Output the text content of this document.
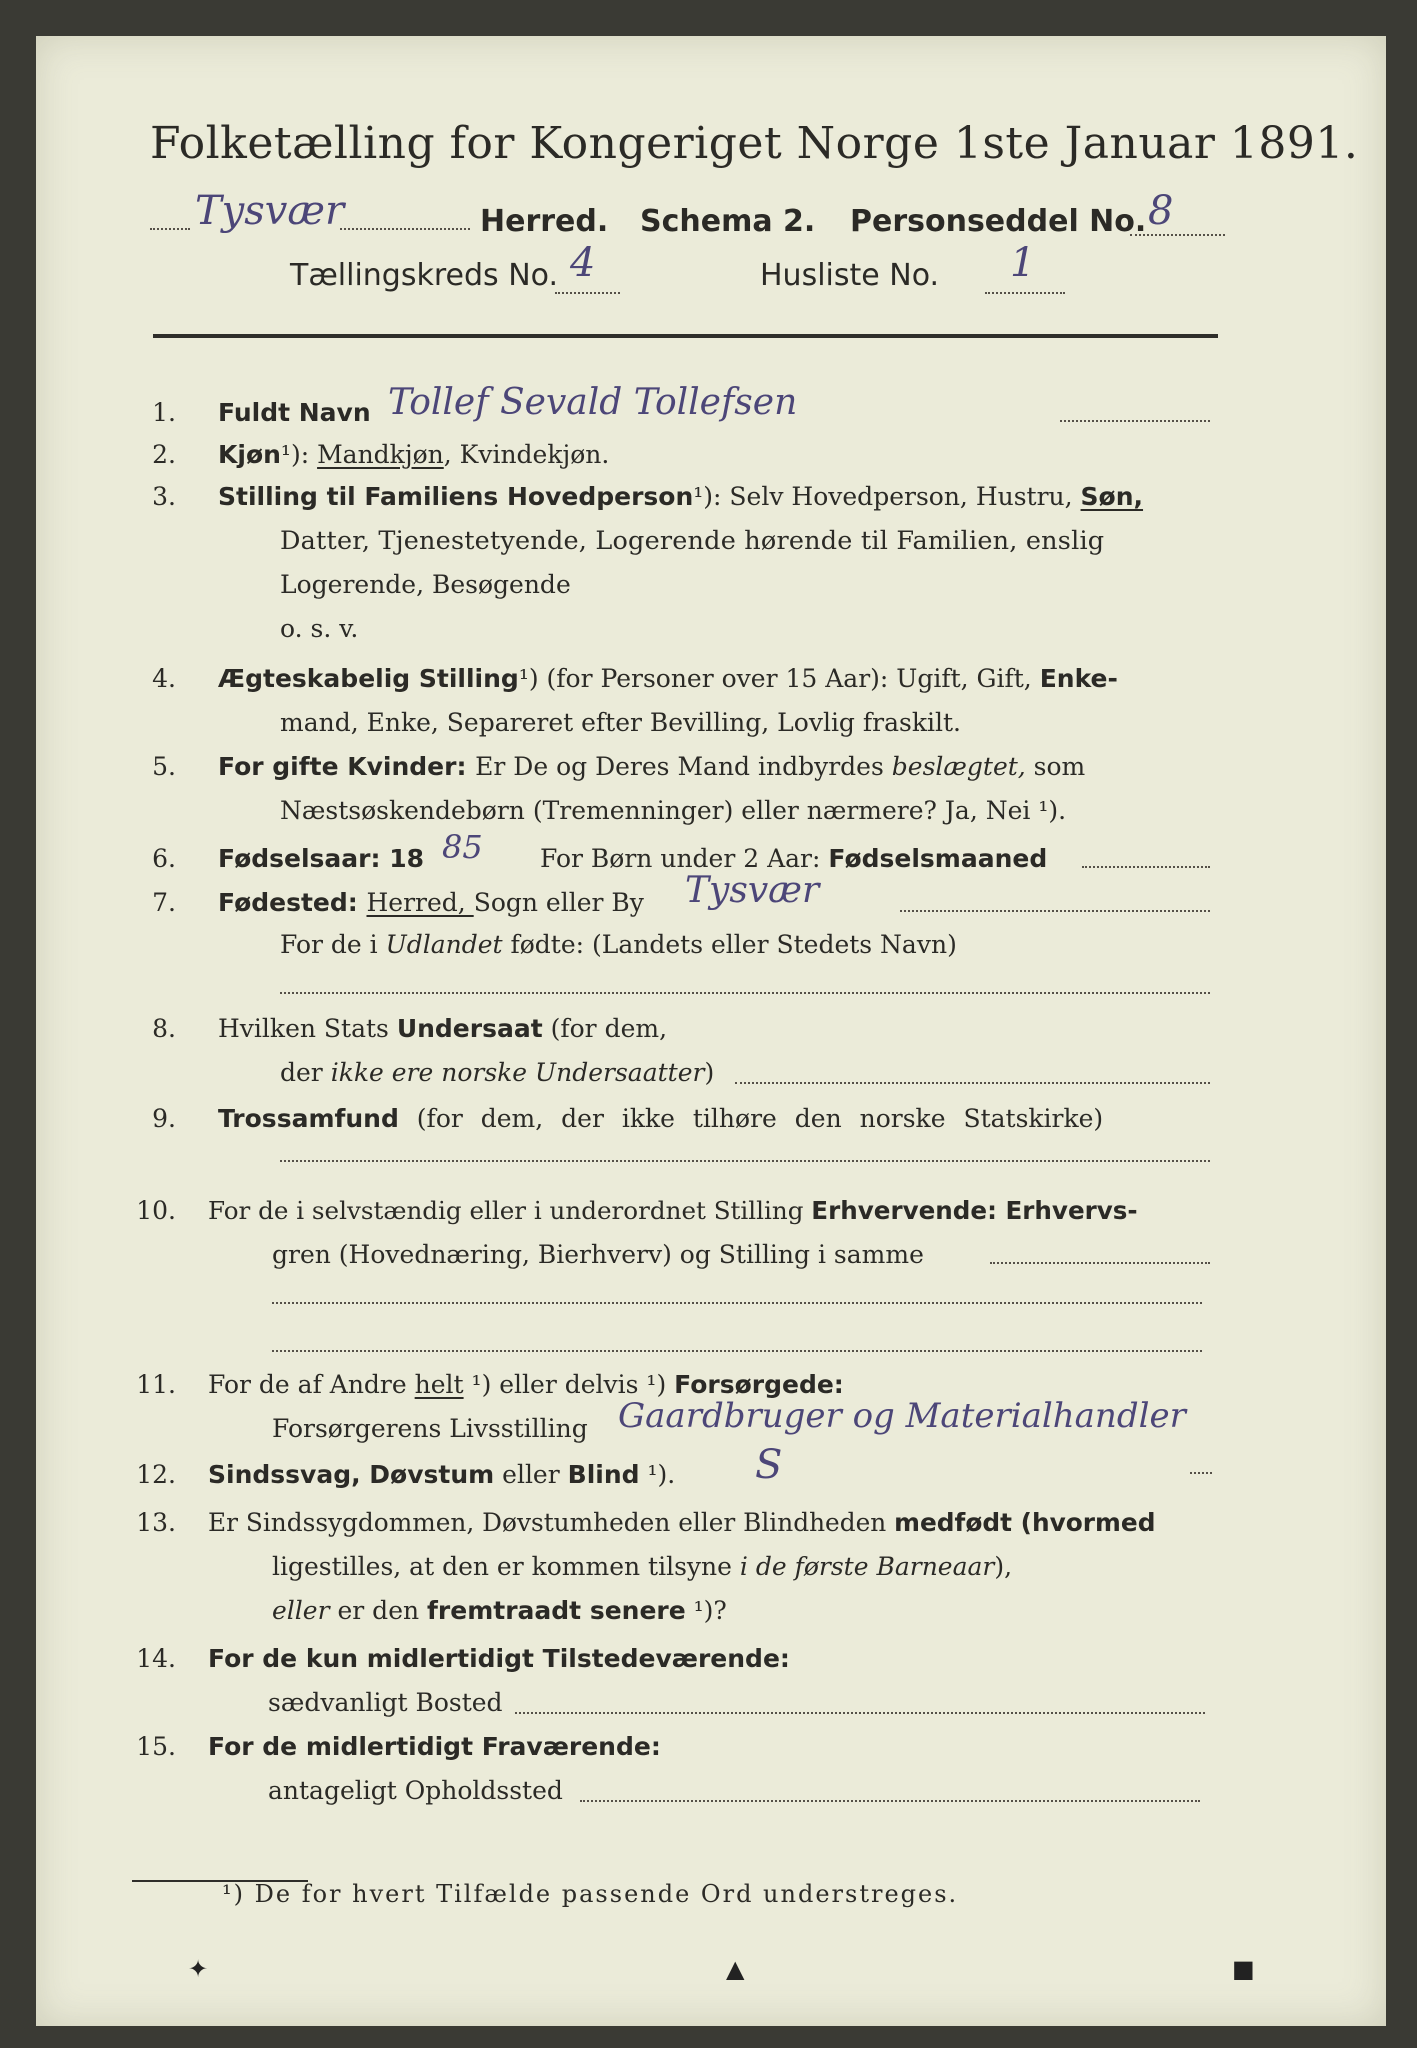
Folketælling for Kongeriget Norge 1ste Januar 1891.
Tysvær	Herred. Schema 2. Personseddel No. 8
Tællingskreds No. 4	Husliste No. 1
1. Fuldt Navn Tollef Sevald Tollefsen
2. Kjøn¹): Mandkjøn, Kvindekjøn.
3. Stilling til Familiens Hovedperson¹): Selv Hovedperson, Hustru, Søn,
Datter, Tjenestetyende, Logerende hørende til Familien, enslig
Logerende, Besøgende
o. s. v.
4. Ægteskabelig Stilling¹) (for Personer over 15 Aar): Ugift, Gift, Enke-
mand, Enke, Separeret efter Bevilling, Lovlig fraskilt.
5. For gifte Kvinder: Er De og Deres Mand indbyrdes beslægtet, som
Næstsøskendebørn (Tremenninger) eller nærmere? Ja, Nei ¹).
6. Fødselsaar: 18 85 For Børn under 2 Aar: Fødselsmaaned
7. Fødested: Herred, Sogn eller By Tysvær
For de i Udlandet fødte: (Landets eller Stedets Navn)
8. Hvilken Stats Undersaat (for dem,
der ikke ere norske Undersaatter)
9. Trossamfund (for dem, der ikke tilhøre den norske Statskirke)
10. For de i selvstændig eller i underordnet Stilling Erhvervende: Erhvervs-
gren (Hovednæring, Bierhverv) og Stilling i samme
11. For de af Andre helt ¹) eller delvis ¹) Forsørgede:
Forsørgerens Livsstilling Gaardbruger og Materialhandler
12. Sindssvag, Døvstum eller Blind ¹). S
13. Er Sindssygdommen, Døvstumheden eller Blindheden medfødt (hvormed
ligestilles, at den er kommen tilsyne i de første Barneaar),
eller er den fremtraadt senere ¹)?
14. For de kun midlertidigt Tilstedeværende:
sædvanligt Bosted
15. For de midlertidigt Fraværende:
antageligt Opholdssted
¹) De for hvert Tilfælde passende Ord understreges.
✦	▲	■
